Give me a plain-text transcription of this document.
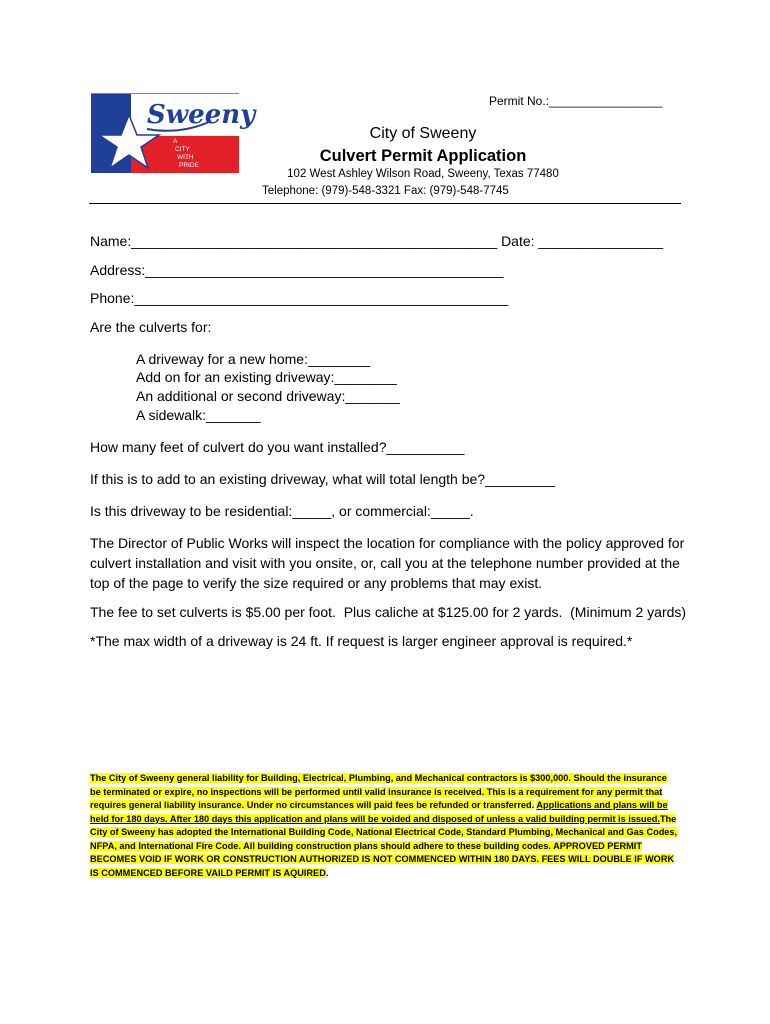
Sweeny
A
CITY
WITH
PRIDE
Permit No.:_________________
City of Sweeny
Culvert Permit Application
102 West Ashley Wilson Road, Sweeny, Texas 77480
Telephone: (979)-548-3321 Fax: (979)-548-7745
Name:_______________________________________________ Date: ________________
Address:______________________________________________
Phone:________________________________________________
Are the culverts for:
A driveway for a new home:________
Add on for an existing driveway:________
An additional or second driveway:_______
A sidewalk:_______
How many feet of culvert do you want installed?__________
If this is to add to an existing driveway, what will total length be?_________
Is this driveway to be residential:_____, or commercial:_____.
The Director of Public Works will inspect the location for compliance with the policy approved for culvert installation and visit with you onsite, or, call you at the telephone number provided at the top of the page to verify the size required or any problems that may exist.
The fee to set culverts is $5.00 per foot.  Plus caliche at $125.00 for 2 yards.  (Minimum 2 yards)
*The max width of a driveway is 24 ft. If request is larger engineer approval is required.*
The City of Sweeny general liability for Building, Electrical, Plumbing, and Mechanical contractors is $300,000. Should the insurance be terminated or expire, no inspections will be performed until valid insurance is received. This is a requirement for any permit that requires general liability insurance. Under no circumstances will paid fees be refunded or transferred. Applications and plans will be held for 180 days. After 180 days this application and plans will be voided and disposed of unless a valid building permit is issued.The City of Sweeny has adopted the International Building Code, National Electrical Code, Standard Plumbing, Mechanical and Gas Codes, NFPA, and International Fire Code. All building construction plans should adhere to these building codes. APPROVED PERMIT BECOMES VOID IF WORK OR CONSTRUCTION AUTHORIZED IS NOT COMMENCED WITHIN 180 DAYS. FEES WILL DOUBLE IF WORK IS COMMENCED BEFORE VAILD PERMIT IS AQUIRED.
